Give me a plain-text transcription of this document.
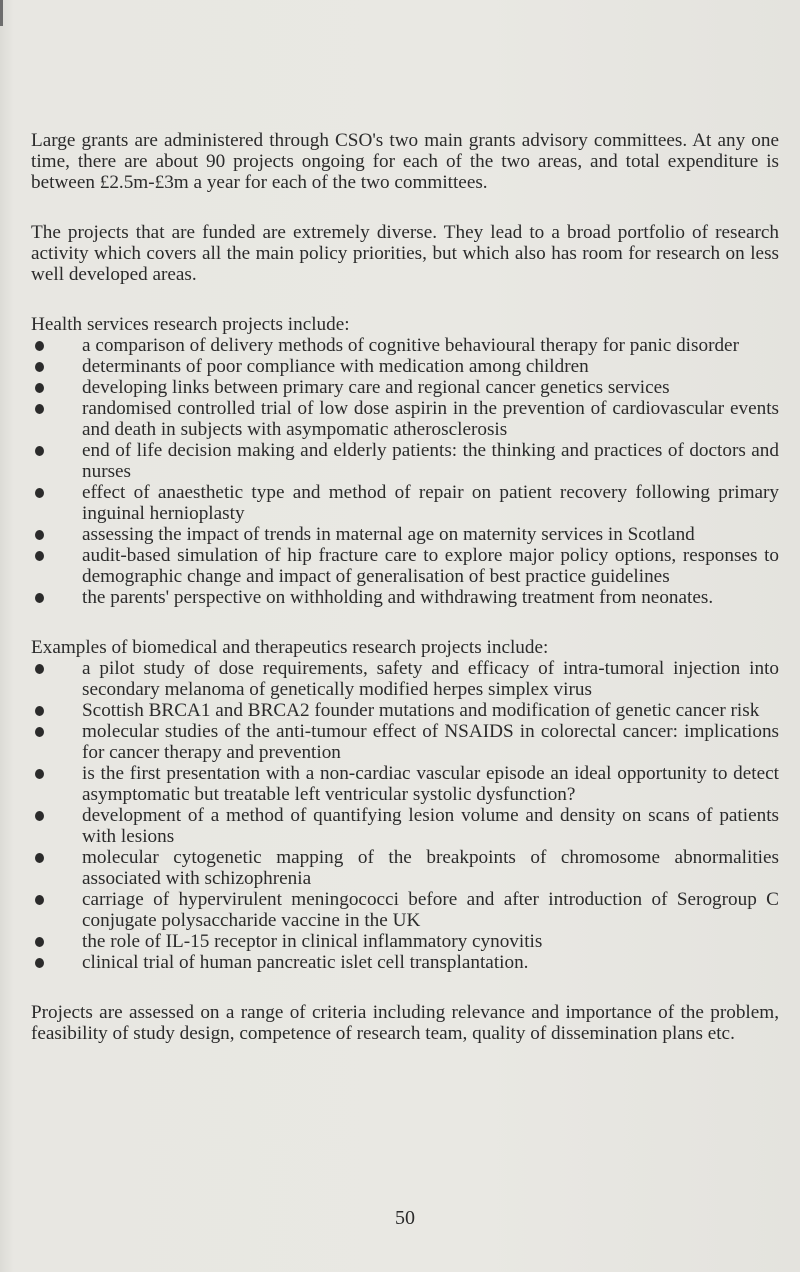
Large grants are administered through CSO's two main grants advisory committees. At any one time, there are about 90 projects ongoing for each of the two areas, and total expenditure is between £2.5m-£3m a year for each of the two committees.

The projects that are funded are extremely diverse. They lead to a broad portfolio of research activity which covers all the main policy priorities, but which also has room for research on less well developed areas.

Health services research projects include:

a comparison of delivery methods of cognitive behavioural therapy for panic disorder
determinants of poor compliance with medication among children
developing links between primary care and regional cancer genetics services
randomised controlled trial of low dose aspirin in the prevention of cardiovascular events and death in subjects with asympomatic atherosclerosis
end of life decision making and elderly patients: the thinking and practices of doctors and nurses
effect of anaesthetic type and method of repair on patient recovery following primary inguinal hernioplasty
assessing the impact of trends in maternal age on maternity services in Scotland
audit-based simulation of hip fracture care to explore major policy options, responses to demographic change and impact of generalisation of best practice guidelines
the parents' perspective on withholding and withdrawing treatment from neonates.

Examples of biomedical and therapeutics research projects include:

a pilot study of dose requirements, safety and efficacy of intra-tumoral injection into secondary melanoma of genetically modified herpes simplex virus
Scottish BRCA1 and BRCA2 founder mutations and modification of genetic cancer risk
molecular studies of the anti-tumour effect of NSAIDS in colorectal cancer: implications for cancer therapy and prevention
is the first presentation with a non-cardiac vascular episode an ideal opportunity to detect asymptomatic but treatable left ventricular systolic dysfunction?
development of a method of quantifying lesion volume and density on scans of patients with lesions
molecular cytogenetic mapping of the breakpoints of chromosome abnormalities associated with schizophrenia
carriage of hypervirulent meningococci before and after introduction of Serogroup C conjugate polysaccharide vaccine in the UK
the role of IL-15 receptor in clinical inflammatory cynovitis
clinical trial of human pancreatic islet cell transplantation.

Projects are assessed on a range of criteria including relevance and importance of the problem, feasibility of study design, competence of research team, quality of dissemination plans etc.

50
